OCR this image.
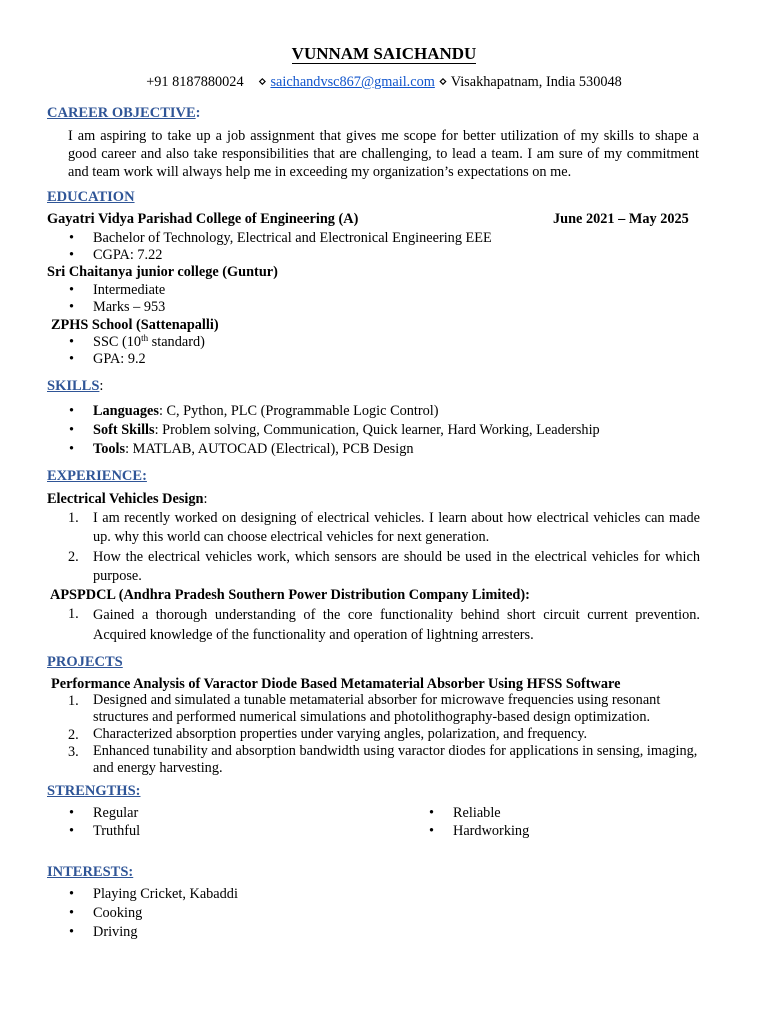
VUNNAM SAICHANDU
+91 8187880024 ⋄ saichandvsc867@gmail.com ⋄ Visakhapatnam, India 530048
CAREER OBJECTIVE:
I am aspiring to take up a job assignment that gives me scope for better utilization of my skills to shape a good career and also take responsibilities that are challenging, to lead a team. I am sure of my commitment and team work will always help me in exceeding my organization’s expectations on me.
EDUCATION
Gayatri Vidya Parishad College of Engineering (A)	June 2021 – May 2025
• Bachelor of Technology, Electrical and Electronical Engineering EEE
• CGPA: 7.22
Sri Chaitanya junior college (Guntur)
• Intermediate
• Marks – 953
ZPHS School (Sattenapalli)
• SSC (10th standard)
• GPA: 9.2
SKILLS:
• Languages: C, Python, PLC (Programmable Logic Control)
• Soft Skills: Problem solving, Communication, Quick learner, Hard Working, Leadership
• Tools: MATLAB, AUTOCAD (Electrical), PCB Design
EXPERIENCE:
Electrical Vehicles Design:
1. I am recently worked on designing of electrical vehicles. I learn about how electrical vehicles can made up. why this world can choose electrical vehicles for next generation.
2. How the electrical vehicles work, which sensors are should be used in the electrical vehicles for which purpose.
APSPDCL (Andhra Pradesh Southern Power Distribution Company Limited):
1. Gained a thorough understanding of the core functionality behind short circuit current prevention. Acquired knowledge of the functionality and operation of lightning arresters.
PROJECTS
Performance Analysis of Varactor Diode Based Metamaterial Absorber Using HFSS Software
1. Designed and simulated a tunable metamaterial absorber for microwave frequencies using resonant structures and performed numerical simulations and photolithography-based design optimization.
2. Characterized absorption properties under varying angles, polarization, and frequency.
3. Enhanced tunability and absorption bandwidth using varactor diodes for applications in sensing, imaging, and energy harvesting.
STRENGTHS:
• Regular
• Truthful
• Reliable
• Hardworking
INTERESTS:
• Playing Cricket, Kabaddi
• Cooking
• Driving
